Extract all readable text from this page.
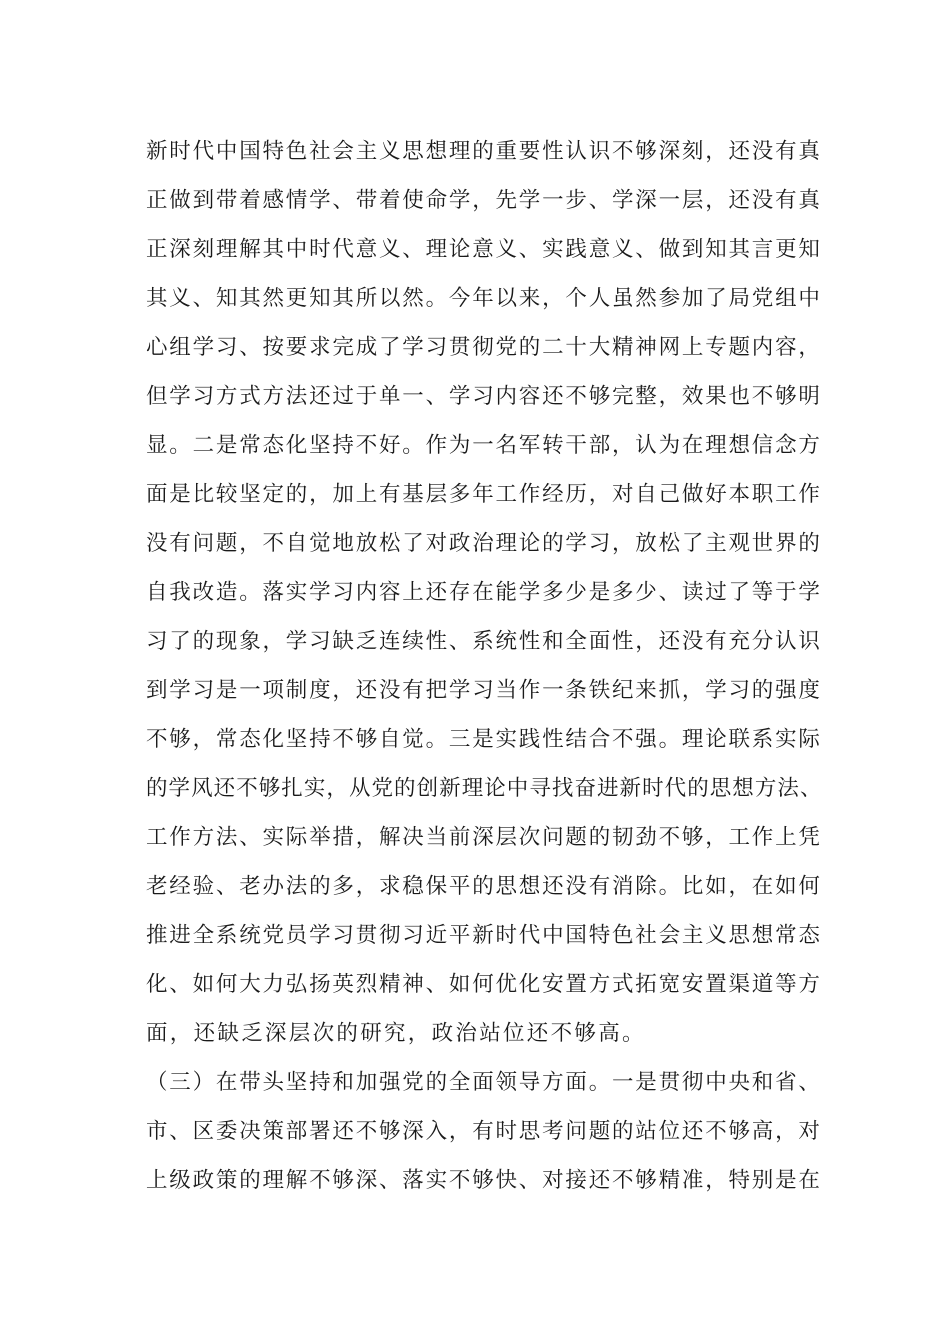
新时代中国特色社会主义思想理的重要性认识不够深刻，还没有真
正做到带着感情学、带着使命学，先学一步、学深一层，还没有真
正深刻理解其中时代意义、理论意义、实践意义、做到知其言更知
其义、知其然更知其所以然。今年以来，个人虽然参加了局党组中
心组学习、按要求完成了学习贯彻党的二十大精神网上专题内容，
但学习方式方法还过于单一、学习内容还不够完整，效果也不够明
显。二是常态化坚持不好。作为一名军转干部，认为在理想信念方
面是比较坚定的，加上有基层多年工作经历，对自己做好本职工作
没有问题，不自觉地放松了对政治理论的学习，放松了主观世界的
自我改造。落实学习内容上还存在能学多少是多少、读过了等于学
习了的现象，学习缺乏连续性、系统性和全面性，还没有充分认识
到学习是一项制度，还没有把学习当作一条铁纪来抓，学习的强度
不够，常态化坚持不够自觉。三是实践性结合不强。理论联系实际
的学风还不够扎实，从党的创新理论中寻找奋进新时代的思想方法、
工作方法、实际举措，解决当前深层次问题的韧劲不够，工作上凭
老经验、老办法的多，求稳保平的思想还没有消除。比如，在如何
推进全系统党员学习贯彻习近平新时代中国特色社会主义思想常态
化、如何大力弘扬英烈精神、如何优化安置方式拓宽安置渠道等方
面，还缺乏深层次的研究，政治站位还不够高。
（三）在带头坚持和加强党的全面领导方面。一是贯彻中央和省、
市、区委决策部署还不够深入，有时思考问题的站位还不够高，对
上级政策的理解不够深、落实不够快、对接还不够精准，特别是在
